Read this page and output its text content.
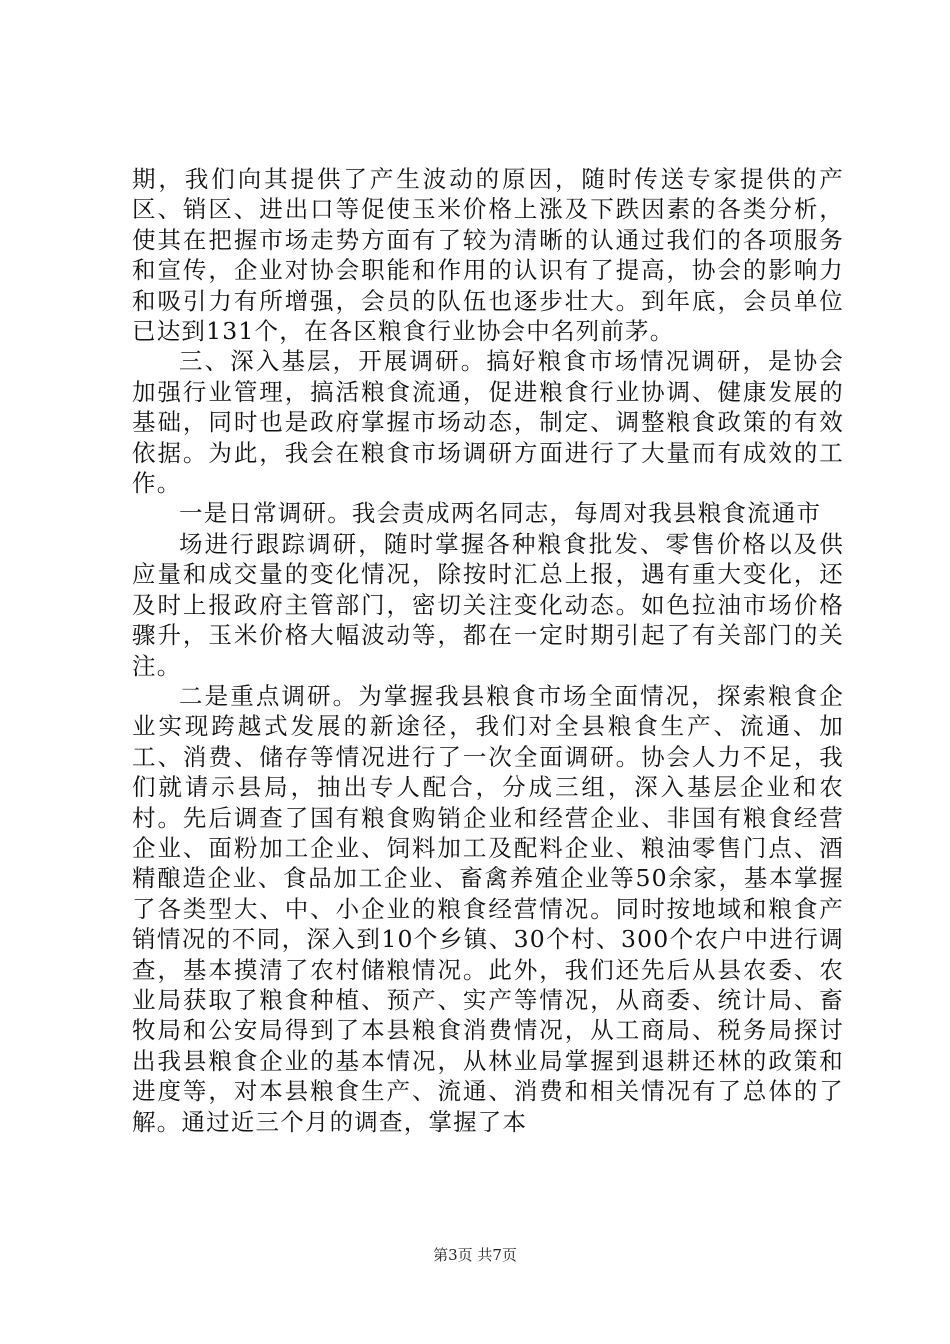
期，我们向其提供了产生波动的原因，随时传送专家提供的产区、销区、进出口等促使玉米价格上涨及下跌因素的各类分析，使其在把握市场走势方面有了较为清晰的认通过我们的各项服务和宣传，企业对协会职能和作用的认识有了提高，协会的影响力和吸引力有所增强，会员的队伍也逐步壮大。到年底，会员单位已达到131个，在各区粮食行业协会中名列前茅。

三、深入基层，开展调研。搞好粮食市场情况调研，是协会加强行业管理，搞活粮食流通，促进粮食行业协调、健康发展的基础，同时也是政府掌握市场动态，制定、调整粮食政策的有效依据。为此，我会在粮食市场调研方面进行了大量而有成效的工作。

一是日常调研。我会责成两名同志，每周对我县粮食流通市

场进行跟踪调研，随时掌握各种粮食批发、零售价格以及供应量和成交量的变化情况，除按时汇总上报，遇有重大变化，还及时上报政府主管部门，密切关注变化动态。如色拉油市场价格骤升，玉米价格大幅波动等，都在一定时期引起了有关部门的关注。

二是重点调研。为掌握我县粮食市场全面情况，探索粮食企业实现跨越式发展的新途径，我们对全县粮食生产、流通、加工、消费、储存等情况进行了一次全面调研。协会人力不足，我们就请示县局，抽出专人配合，分成三组，深入基层企业和农村。先后调查了国有粮食购销企业和经营企业、非国有粮食经营企业、面粉加工企业、饲料加工及配料企业、粮油零售门点、酒精酿造企业、食品加工企业、畜禽养殖企业等50余家，基本掌握了各类型大、中、小企业的粮食经营情况。同时按地域和粮食产销情况的不同，深入到10个乡镇、30个村、300个农户中进行调查，基本摸清了农村储粮情况。此外，我们还先后从县农委、农业局获取了粮食种植、预产、实产等情况，从商委、统计局、畜牧局和公安局得到了本县粮食消费情况，从工商局、税务局探讨出我县粮食企业的基本情况，从林业局掌握到退耕还林的政策和进度等，对本县粮食生产、流通、消费和相关情况有了总体的了解。通过近三个月的调查，掌握了本

第3页 共7页
